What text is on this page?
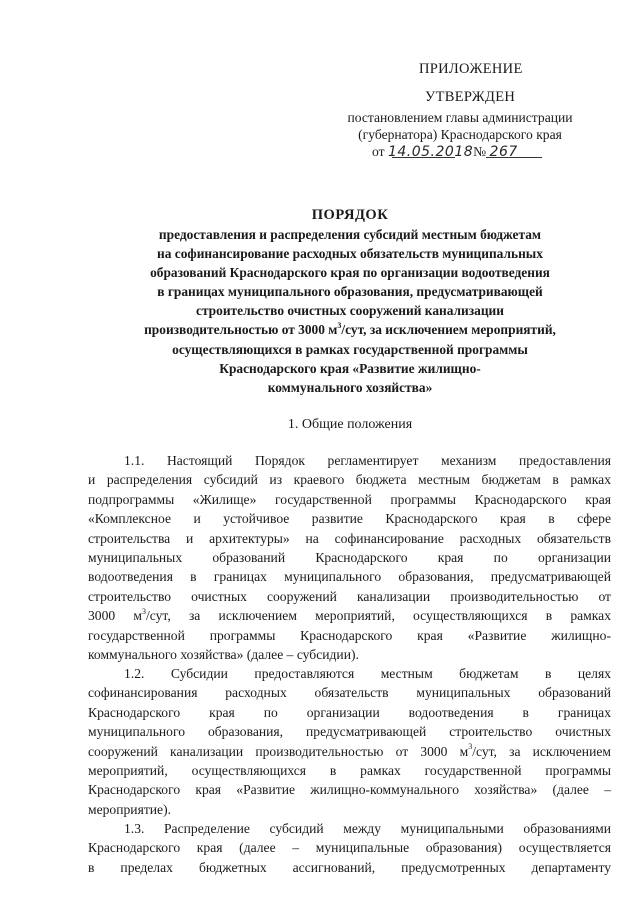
ПРИЛОЖЕНИЕ
УТВЕРЖДЕН
постановлением главы администрации
(губернатора) Краснодарского края
от 14.05.2018№ 267
ПОРЯДОК
предоставления и распределения субсидий местным бюджетам
на софинансирование расходных обязательств муниципальных
образований Краснодарского края по организации водоотведения
в границах муниципального образования, предусматривающей
строительство очистных сооружений канализации
производительностью от 3000 $м^3$/сут, за исключением мероприятий,
осуществляющихся в рамках государственной программы
Краснодарского края «Развитие жилищно-
коммунального хозяйства»
1. Общие положения
1.1. Настоящий Порядок регламентирует механизм предоставления
и распределения субсидий из краевого бюджета местным бюджетам в рамках
подпрограммы «Жилище» государственной программы Краснодарского края
«Комплексное и устойчивое развитие Краснодарского края в сфере
строительства и архитектуры» на софинансирование расходных обязательств
муниципальных образований Краснодарского края по организации
водоотведения в границах муниципального образования, предусматривающей
строительство очистных сооружений канализации производительностью от
3000 $м^3$/сут, за исключением мероприятий, осуществляющихся в рамках
государственной программы Краснодарского края «Развитие жилищно-
коммунального хозяйства» (далее – субсидии).
1.2. Субсидии предоставляются местным бюджетам в целях
софинансирования расходных обязательств муниципальных образований
Краснодарского края по организации водоотведения в границах
муниципального образования, предусматривающей строительство очистных
сооружений канализации производительностью от 3000 $м^3$/сут, за исключением
мероприятий, осуществляющихся в рамках государственной программы
Краснодарского края «Развитие жилищно-коммунального хозяйства» (далее –
мероприятие).
1.3. Распределение субсидий между муниципальными образованиями
Краснодарского края (далее – муниципальные образования) осуществляется
в пределах бюджетных ассигнований, предусмотренных департаменту
